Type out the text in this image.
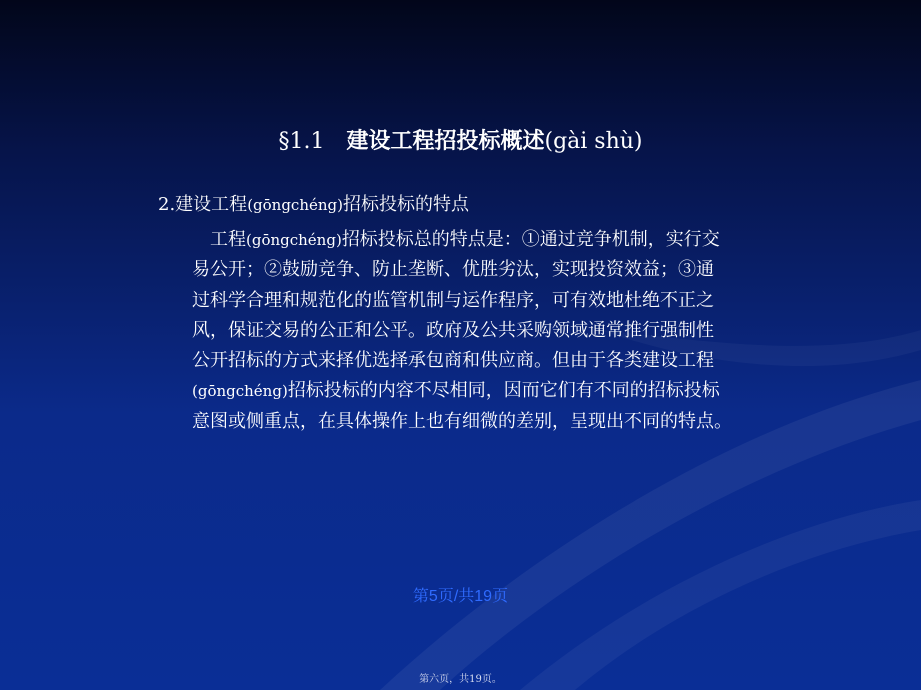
§1.1 建设工程招投标概述(gài shù)
2.建设工程(gōngchéng)招标投标的特点
工程(gōngchéng)招标投标总的特点是：①通过竞争机制，实行交
易公开；②鼓励竞争、防止垄断、优胜劣汰，实现投资效益；③通
过科学合理和规范化的监管机制与运作程序，可有效地杜绝不正之
风，保证交易的公正和公平。政府及公共采购领域通常推行强制性
公开招标的方式来择优选择承包商和供应商。但由于各类建设工程
(gōngchéng)招标投标的内容不尽相同，因而它们有不同的招标投标
意图或侧重点，在具体操作上也有细微的差别，呈现出不同的特点。
第5页/共19页
第六页，共19页。
